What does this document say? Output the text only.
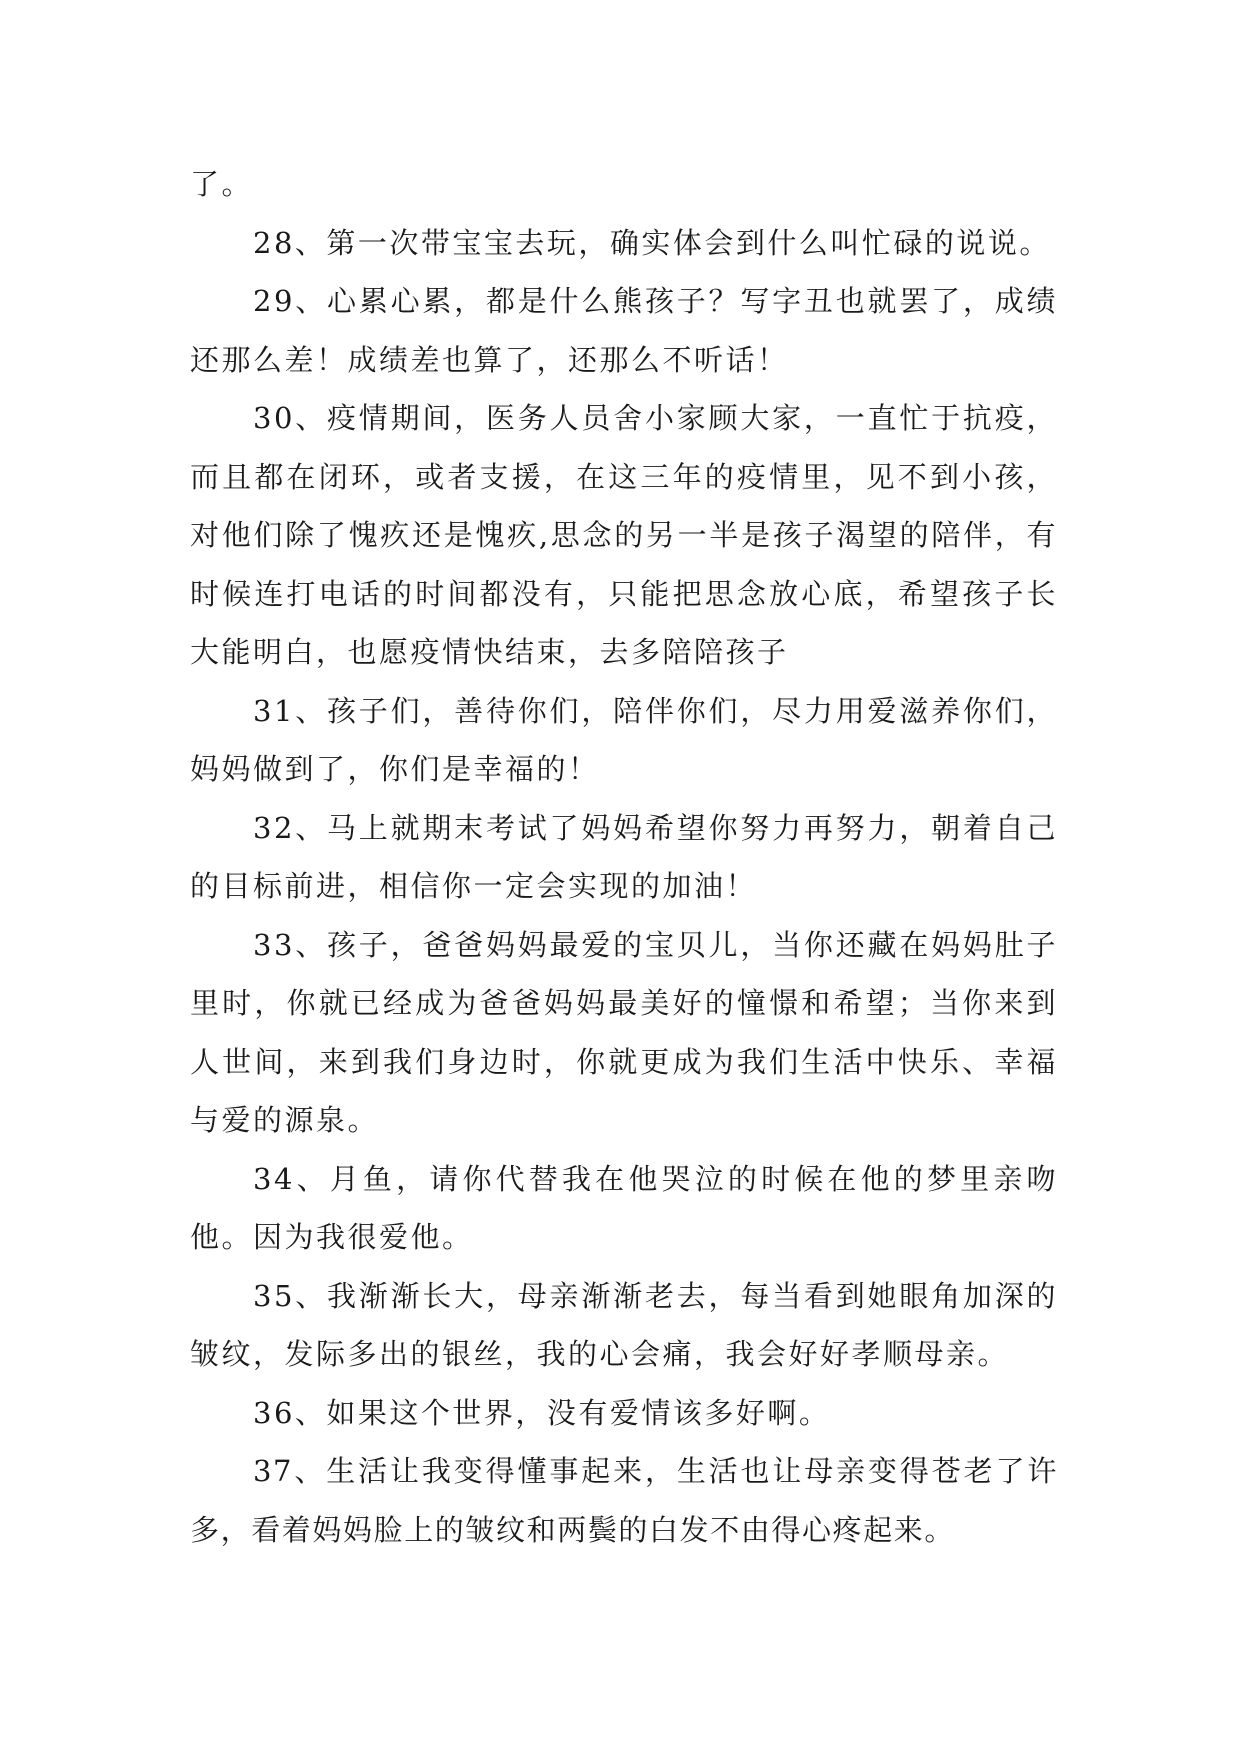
了。

28、第一次带宝宝去玩，确实体会到什么叫忙碌的说说。

29、心累心累，都是什么熊孩子？写字丑也就罢了，成绩还那么差！成绩差也算了，还那么不听话！

30、疫情期间，医务人员舍小家顾大家，一直忙于抗疫，而且都在闭环，或者支援，在这三年的疫情里，见不到小孩，对他们除了愧疚还是愧疚,思念的另一半是孩子渴望的陪伴，有时候连打电话的时间都没有，只能把思念放心底，希望孩子长大能明白，也愿疫情快结束，去多陪陪孩子

31、孩子们，善待你们，陪伴你们，尽力用爱滋养你们，妈妈做到了，你们是幸福的！

32、马上就期末考试了妈妈希望你努力再努力，朝着自己的目标前进，相信你一定会实现的加油！

33、孩子，爸爸妈妈最爱的宝贝儿，当你还藏在妈妈肚子里时，你就已经成为爸爸妈妈最美好的憧憬和希望；当你来到人世间，来到我们身边时，你就更成为我们生活中快乐、幸福与爱的源泉。

34、月鱼，请你代替我在他哭泣的时候在他的梦里亲吻他。因为我很爱他。

35、我渐渐长大，母亲渐渐老去，每当看到她眼角加深的皱纹，发际多出的银丝，我的心会痛，我会好好孝顺母亲。

36、如果这个世界，没有爱情该多好啊。

37、生活让我变得懂事起来，生活也让母亲变得苍老了许多，看着妈妈脸上的皱纹和两鬓的白发不由得心疼起来。
